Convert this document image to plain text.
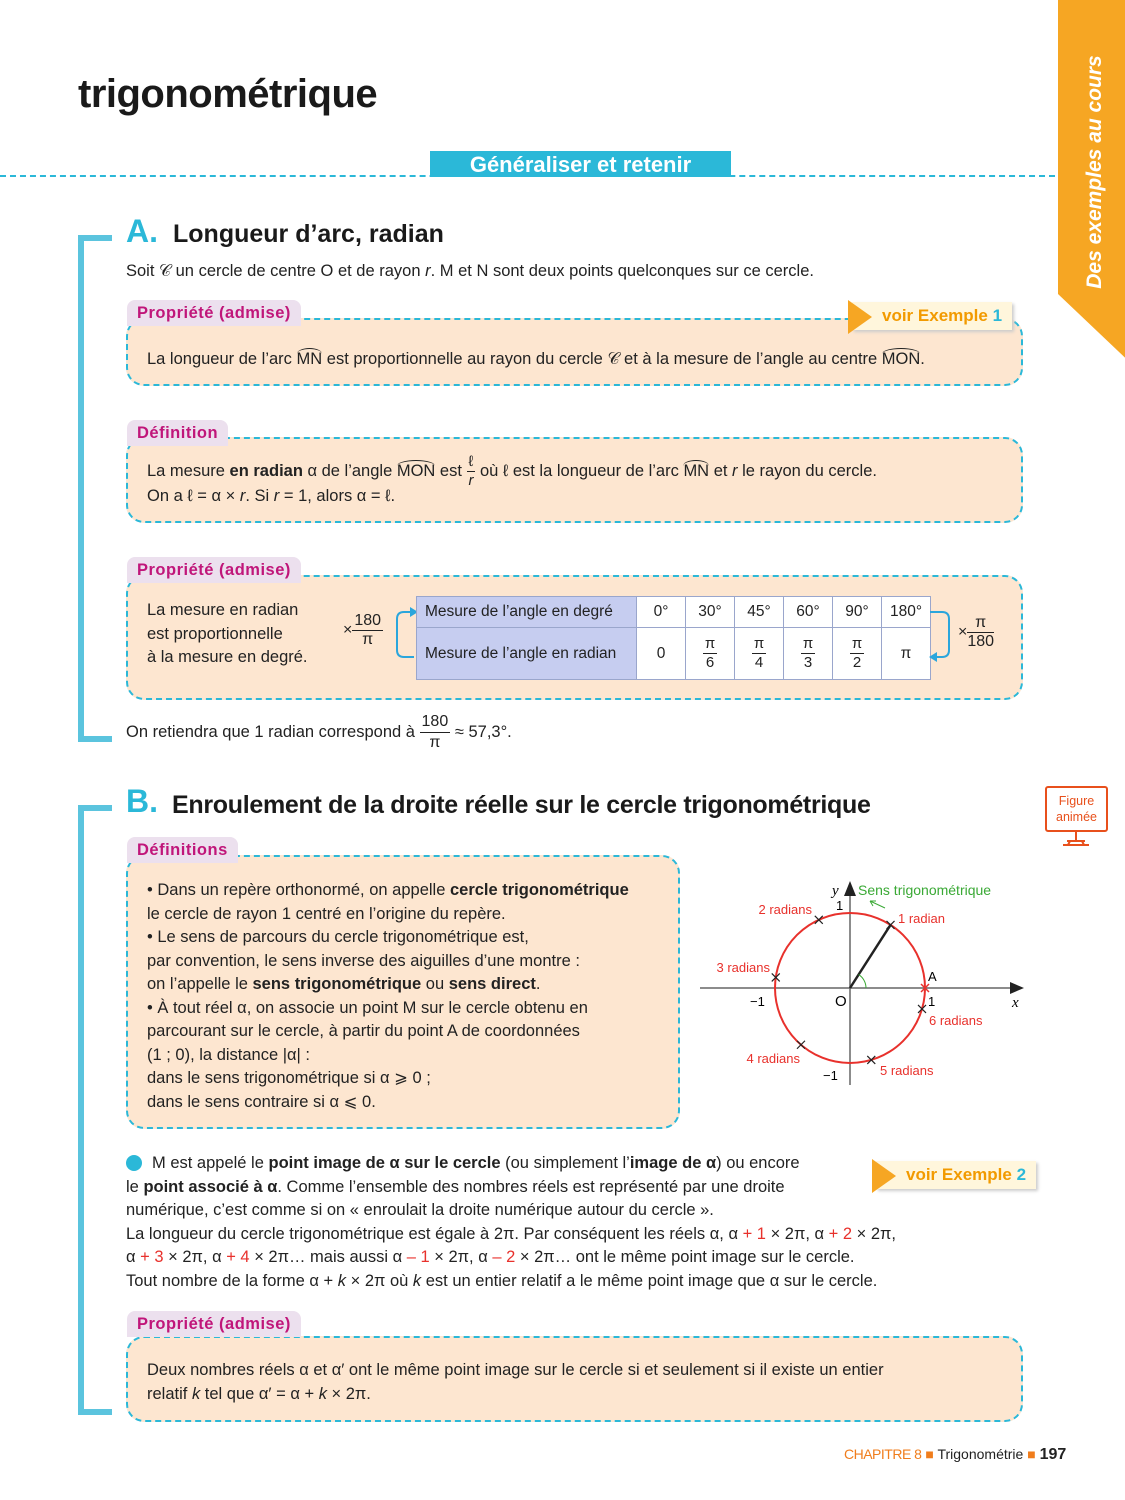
trigonométrique
Généraliser et retenir	Des exemples au cours
A. Longueur d’arc, radian
Soit 𝒞 un cercle de centre O et de rayon r. M et N sont deux points quelconques sur ce cercle.
Propriété (admise)	voir Exemple 1
La longueur de l’arc MN est proportionnelle au rayon du cercle 𝒞 et à la mesure de l’angle au centre MON.
Définition
La mesure en radian α de l’angle MON est $\frac{\text{ℓ}}{r}$ où ℓ est la longueur de l’arc MN et r le rayon du cercle.
On a ℓ = α × r. Si r = 1, alors α = ℓ.
Propriété (admise)
La mesure en radian
est proportionnelle
à la mesure en degré.
× $\frac{180}{\pi}$
Mesure de l’angle en degré	0°	30°	45°	60°	90°	180°
Mesure de l’angle en radian	0	$\frac{\pi}{6}$	$\frac{\pi}{4}$	$\frac{\pi}{3}$	$\frac{\pi}{2}$	π
× $\frac{\pi}{180}$
On retiendra que 1 radian correspond à $\frac{180}{\pi} \approx 57,3^\circ$.
B. Enroulement de la droite réelle sur le cercle trigonométrique	Figure animée
Définitions
• Dans un repère orthonormé, on appelle cercle trigonométrique
le cercle de rayon 1 centré en l’origine du repère.
• Le sens de parcours du cercle trigonométrique est,
par convention, le sens inverse des aiguilles d’une montre :
on l’appelle le sens trigonométrique ou sens direct.
• À tout réel α, on associe un point M sur le cercle obtenu en
parcourant sur le cercle, à partir du point A de coordonnées
(1 ; 0), la distance |α| :
dans le sens trigonométrique si α ⩾ 0 ;
dans le sens contraire si α ⩽ 0.
Sens trigonométrique
y
x
O
A
1
−1
1
−1
1 radian
2 radians
3 radians
4 radians
5 radians
6 radians
voir Exemple 2
M est appelé le point image de α sur le cercle (ou simplement l’image de α) ou encore
le point associé à α. Comme l’ensemble des nombres réels est représenté par une droite
numérique, c’est comme si on « enroulait la droite numérique autour du cercle ».
La longueur du cercle trigonométrique est égale à 2π. Par conséquent les réels α, α + 1 × 2π, α + 2 × 2π,
α + 3 × 2π, α + 4 × 2π… mais aussi α – 1 × 2π, α – 2 × 2π… ont le même point image sur le cercle.
Tout nombre de la forme α + k × 2π où k est un entier relatif a le même point image que α sur le cercle.
Propriété (admise)
Deux nombres réels α et α′ ont le même point image sur le cercle si et seulement si il existe un entier
relatif k tel que α′ = α + k × 2π.
CHAPITRE 8 ■ Trigonométrie ■ 197
